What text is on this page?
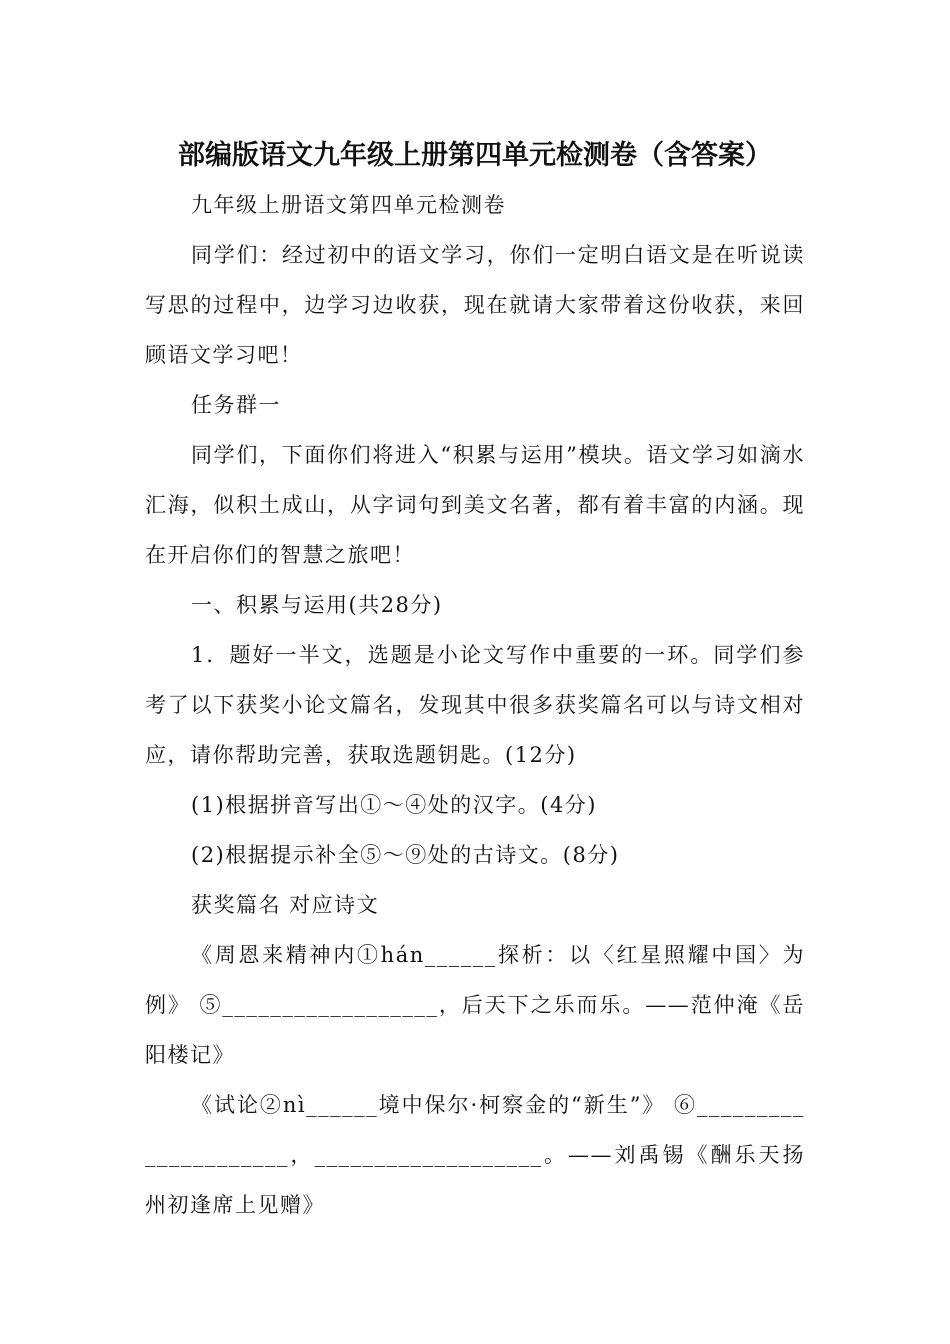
部编版语文九年级上册第四单元检测卷（含答案）

九年级上册语文第四单元检测卷

同学们：经过初中的语文学习，你们一定明白语文是在听说读写思的过程中，边学习边收获，现在就请大家带着这份收获，来回顾语文学习吧！

任务群一

同学们，下面你们将进入“积累与运用”模块。语文学习如滴水汇海，似积土成山，从字词句到美文名著，都有着丰富的内涵。现在开启你们的智慧之旅吧！

一、积累与运用(共28分)

1．题好一半文，选题是小论文写作中重要的一环。同学们参考了以下获奖小论文篇名，发现其中很多获奖篇名可以与诗文相对应，请你帮助完善，获取选题钥匙。(12分)

(1)根据拼音写出①～④处的汉字。(4分)

(2)根据提示补全⑤～⑨处的古诗文。(8分)

获奖篇名 对应诗文

《周恩来精神内①hán______探析：以〈红星照耀中国〉为例》 ⑤__________________，后天下之乐而乐。——范仲淹《岳阳楼记》

《试论②nì______境中保尔·柯察金的“新生”》 ⑥_____________________，___________________。——刘禹锡《酬乐天扬州初逢席上见赠》
